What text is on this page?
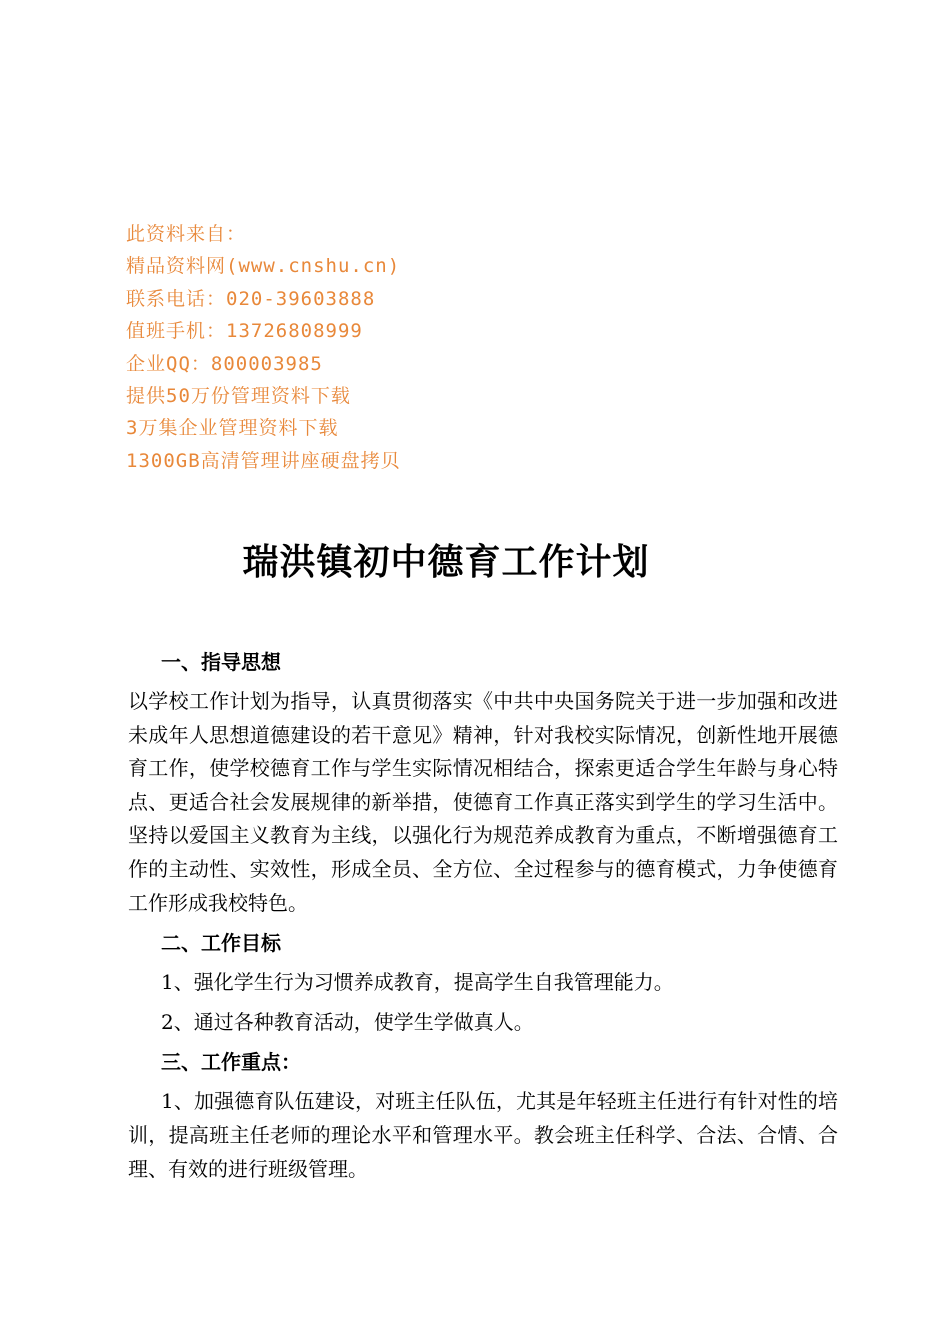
此资料来自：
精品资料网(www.cnshu.cn)
联系电话：020-39603888
值班手机：13726808999
企业QQ：800003985
提供50万份管理资料下载
3万集企业管理资料下载
1300GB高清管理讲座硬盘拷贝
瑞洪镇初中德育工作计划
一、指导思想

以学校工作计划为指导，认真贯彻落实《中共中央国务院关于进一步加强和改进未成年人思想道德建设的若干意见》精神，针对我校实际情况，创新性地开展德育工作，使学校德育工作与学生实际情况相结合，探索更适合学生年龄与身心特点、更适合社会发展规律的新举措，使德育工作真正落实到学生的学习生活中。坚持以爱国主义教育为主线，以强化行为规范养成教育为重点，不断增强德育工作的主动性、实效性，形成全员、全方位、全过程参与的德育模式，力争使德育工作形成我校特色。

二、工作目标

1、强化学生行为习惯养成教育，提高学生自我管理能力。

2、通过各种教育活动，使学生学做真人。

三、工作重点：

1、加强德育队伍建设，对班主任队伍，尤其是年轻班主任进行有针对性的培训，提高班主任老师的理论水平和管理水平。教会班主任科学、合法、合情、合理、有效的进行班级管理。
